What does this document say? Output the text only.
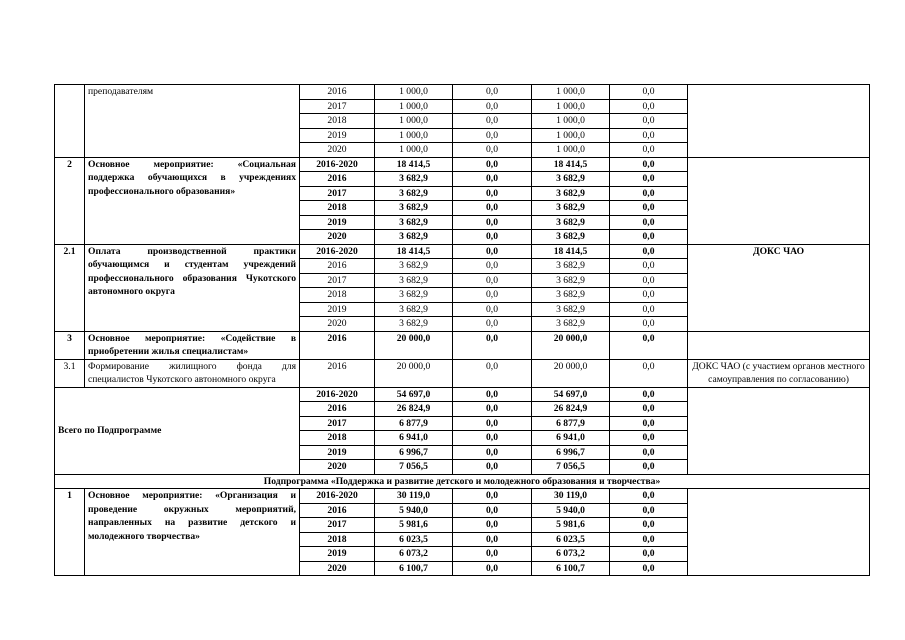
	преподавателям	2016	1 000,0	0,0	1 000,0	0,0	
		2017	1 000,0	0,0	1 000,0	0,0	
		2018	1 000,0	0,0	1 000,0	0,0	
		2019	1 000,0	0,0	1 000,0	0,0	
		2020	1 000,0	0,0	1 000,0	0,0	
2	Основное мероприятие: «Социальная поддержка обучающихся в учреждениях профессионального образования»	2016-2020	18 414,5	0,0	18 414,5	0,0	
		2016	3 682,9	0,0	3 682,9	0,0	
		2017	3 682,9	0,0	3 682,9	0,0	
		2018	3 682,9	0,0	3 682,9	0,0	
		2019	3 682,9	0,0	3 682,9	0,0	
		2020	3 682,9	0,0	3 682,9	0,0	
2.1	Оплата производственной практики обучающимся и студентам учреждений профессионального образования Чукотского автономного округа	2016-2020	18 414,5	0,0	18 414,5	0,0	ДОКС ЧАО
		2016	3 682,9	0,0	3 682,9	0,0	
		2017	3 682,9	0,0	3 682,9	0,0	
		2018	3 682,9	0,0	3 682,9	0,0	
		2019	3 682,9	0,0	3 682,9	0,0	
		2020	3 682,9	0,0	3 682,9	0,0	
3	Основное мероприятие: «Содействие в приобретении жилья специалистам»	2016	20 000,0	0,0	20 000,0	0,0	
3.1	Формирование жилищного фонда для специалистов Чукотского автономного округа	2016	20 000,0	0,0	20 000,0	0,0	ДОКС ЧАО (с участием органов местного самоуправления по согласованию)
Всего по Подпрограмме		2016-2020	54 697,0	0,0	54 697,0	0,0	
		2016	26 824,9	0,0	26 824,9	0,0	
		2017	6 877,9	0,0	6 877,9	0,0	
		2018	6 941,0	0,0	6 941,0	0,0	
		2019	6 996,7	0,0	6 996,7	0,0	
		2020	7 056,5	0,0	7 056,5	0,0	
Подпрограмма «Поддержка и развитие детского и молодежного образования и творчества»							
1	Основное мероприятие: «Организация и проведение окружных мероприятий, направленных на развитие детского и молодежного творчества»	2016-2020	30 119,0	0,0	30 119,0	0,0	
		2016	5 940,0	0,0	5 940,0	0,0	
		2017	5 981,6	0,0	5 981,6	0,0	
		2018	6 023,5	0,0	6 023,5	0,0	
		2019	6 073,2	0,0	6 073,2	0,0	
		2020	6 100,7	0,0	6 100,7	0,0	
